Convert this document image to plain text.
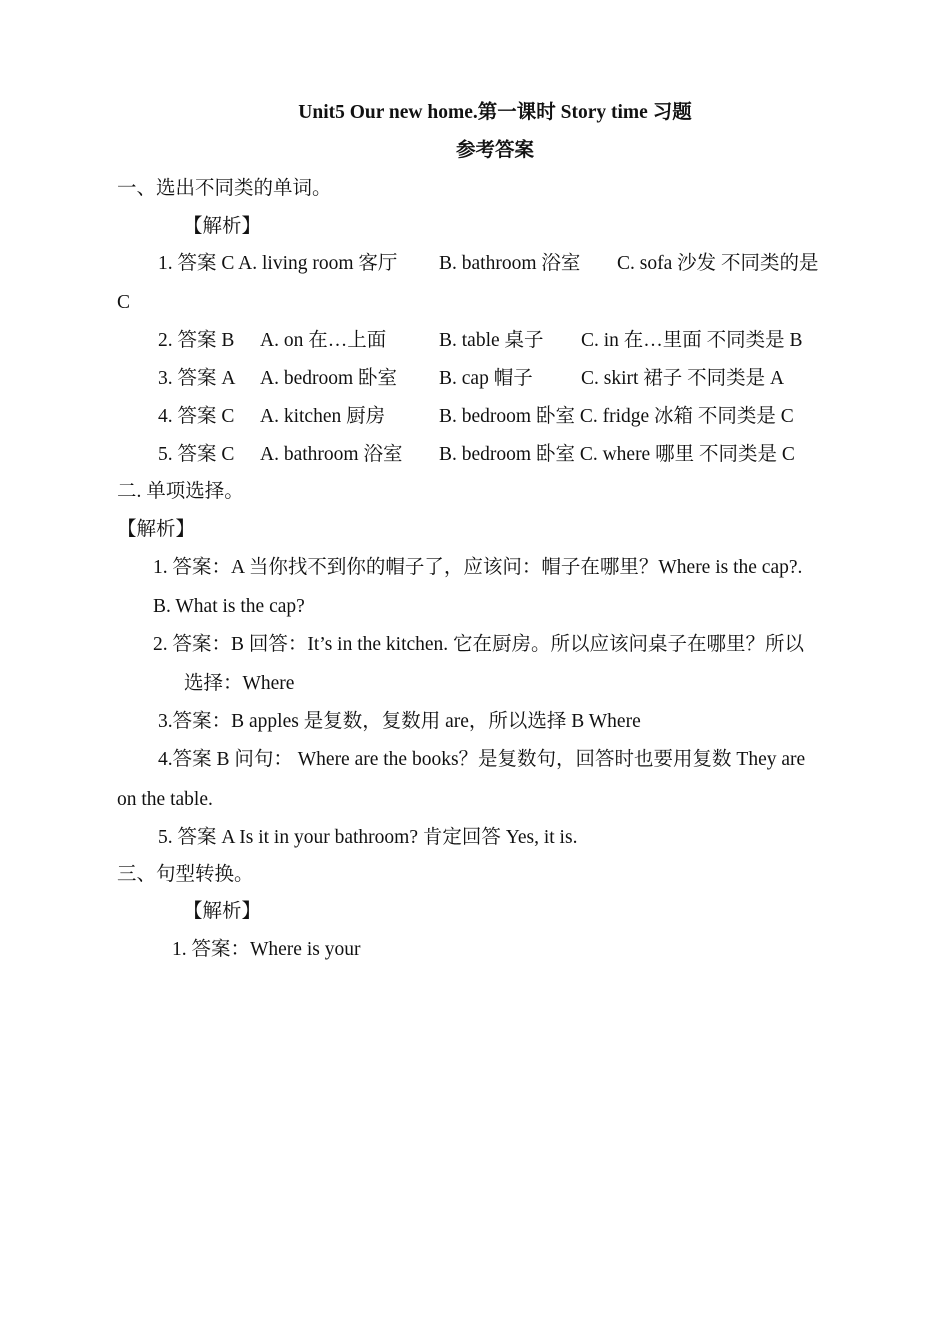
Unit5 Our new home.第一课时 Story time 习题
参考答案
一、选出不同类的单词。
【解析】
1. 答案 C A. living room 客厅 B. bathroom 浴室 C. sofa 沙发 不同类的是
C
2. 答案 B A. on 在…上面	B. table 桌子 C. in 在…里面 不同类是 B
3. 答案 A A. bedroom 卧室 B. cap 帽子 C. skirt 裙子 不同类是 A
4. 答案 C A. kitchen 厨房	B. bedroom 卧室 C. fridge 冰箱 不同类是 C
5. 答案 C A. bathroom 浴室 B. bedroom 卧室 C. where 哪里 不同类是 C
二. 单项选择。
【解析】
1. 答案：A 当你找不到你的帽子了，应该问：帽子在哪里？Where is the cap?.
B. What is the cap?
2. 答案：B 回答：It’s in the kitchen. 它在厨房。所以应该问桌子在哪里？所以
选择：Where
3.答案：B apples 是复数，复数用 are，所以选择 B Where
4.答案 B 问句： Where are the books？是复数句，回答时也要用复数 They are
on the table.
5. 答案 A Is it in your bathroom? 肯定回答 Yes, it is.
三、句型转换。
【解析】
1. 答案：Where is your
